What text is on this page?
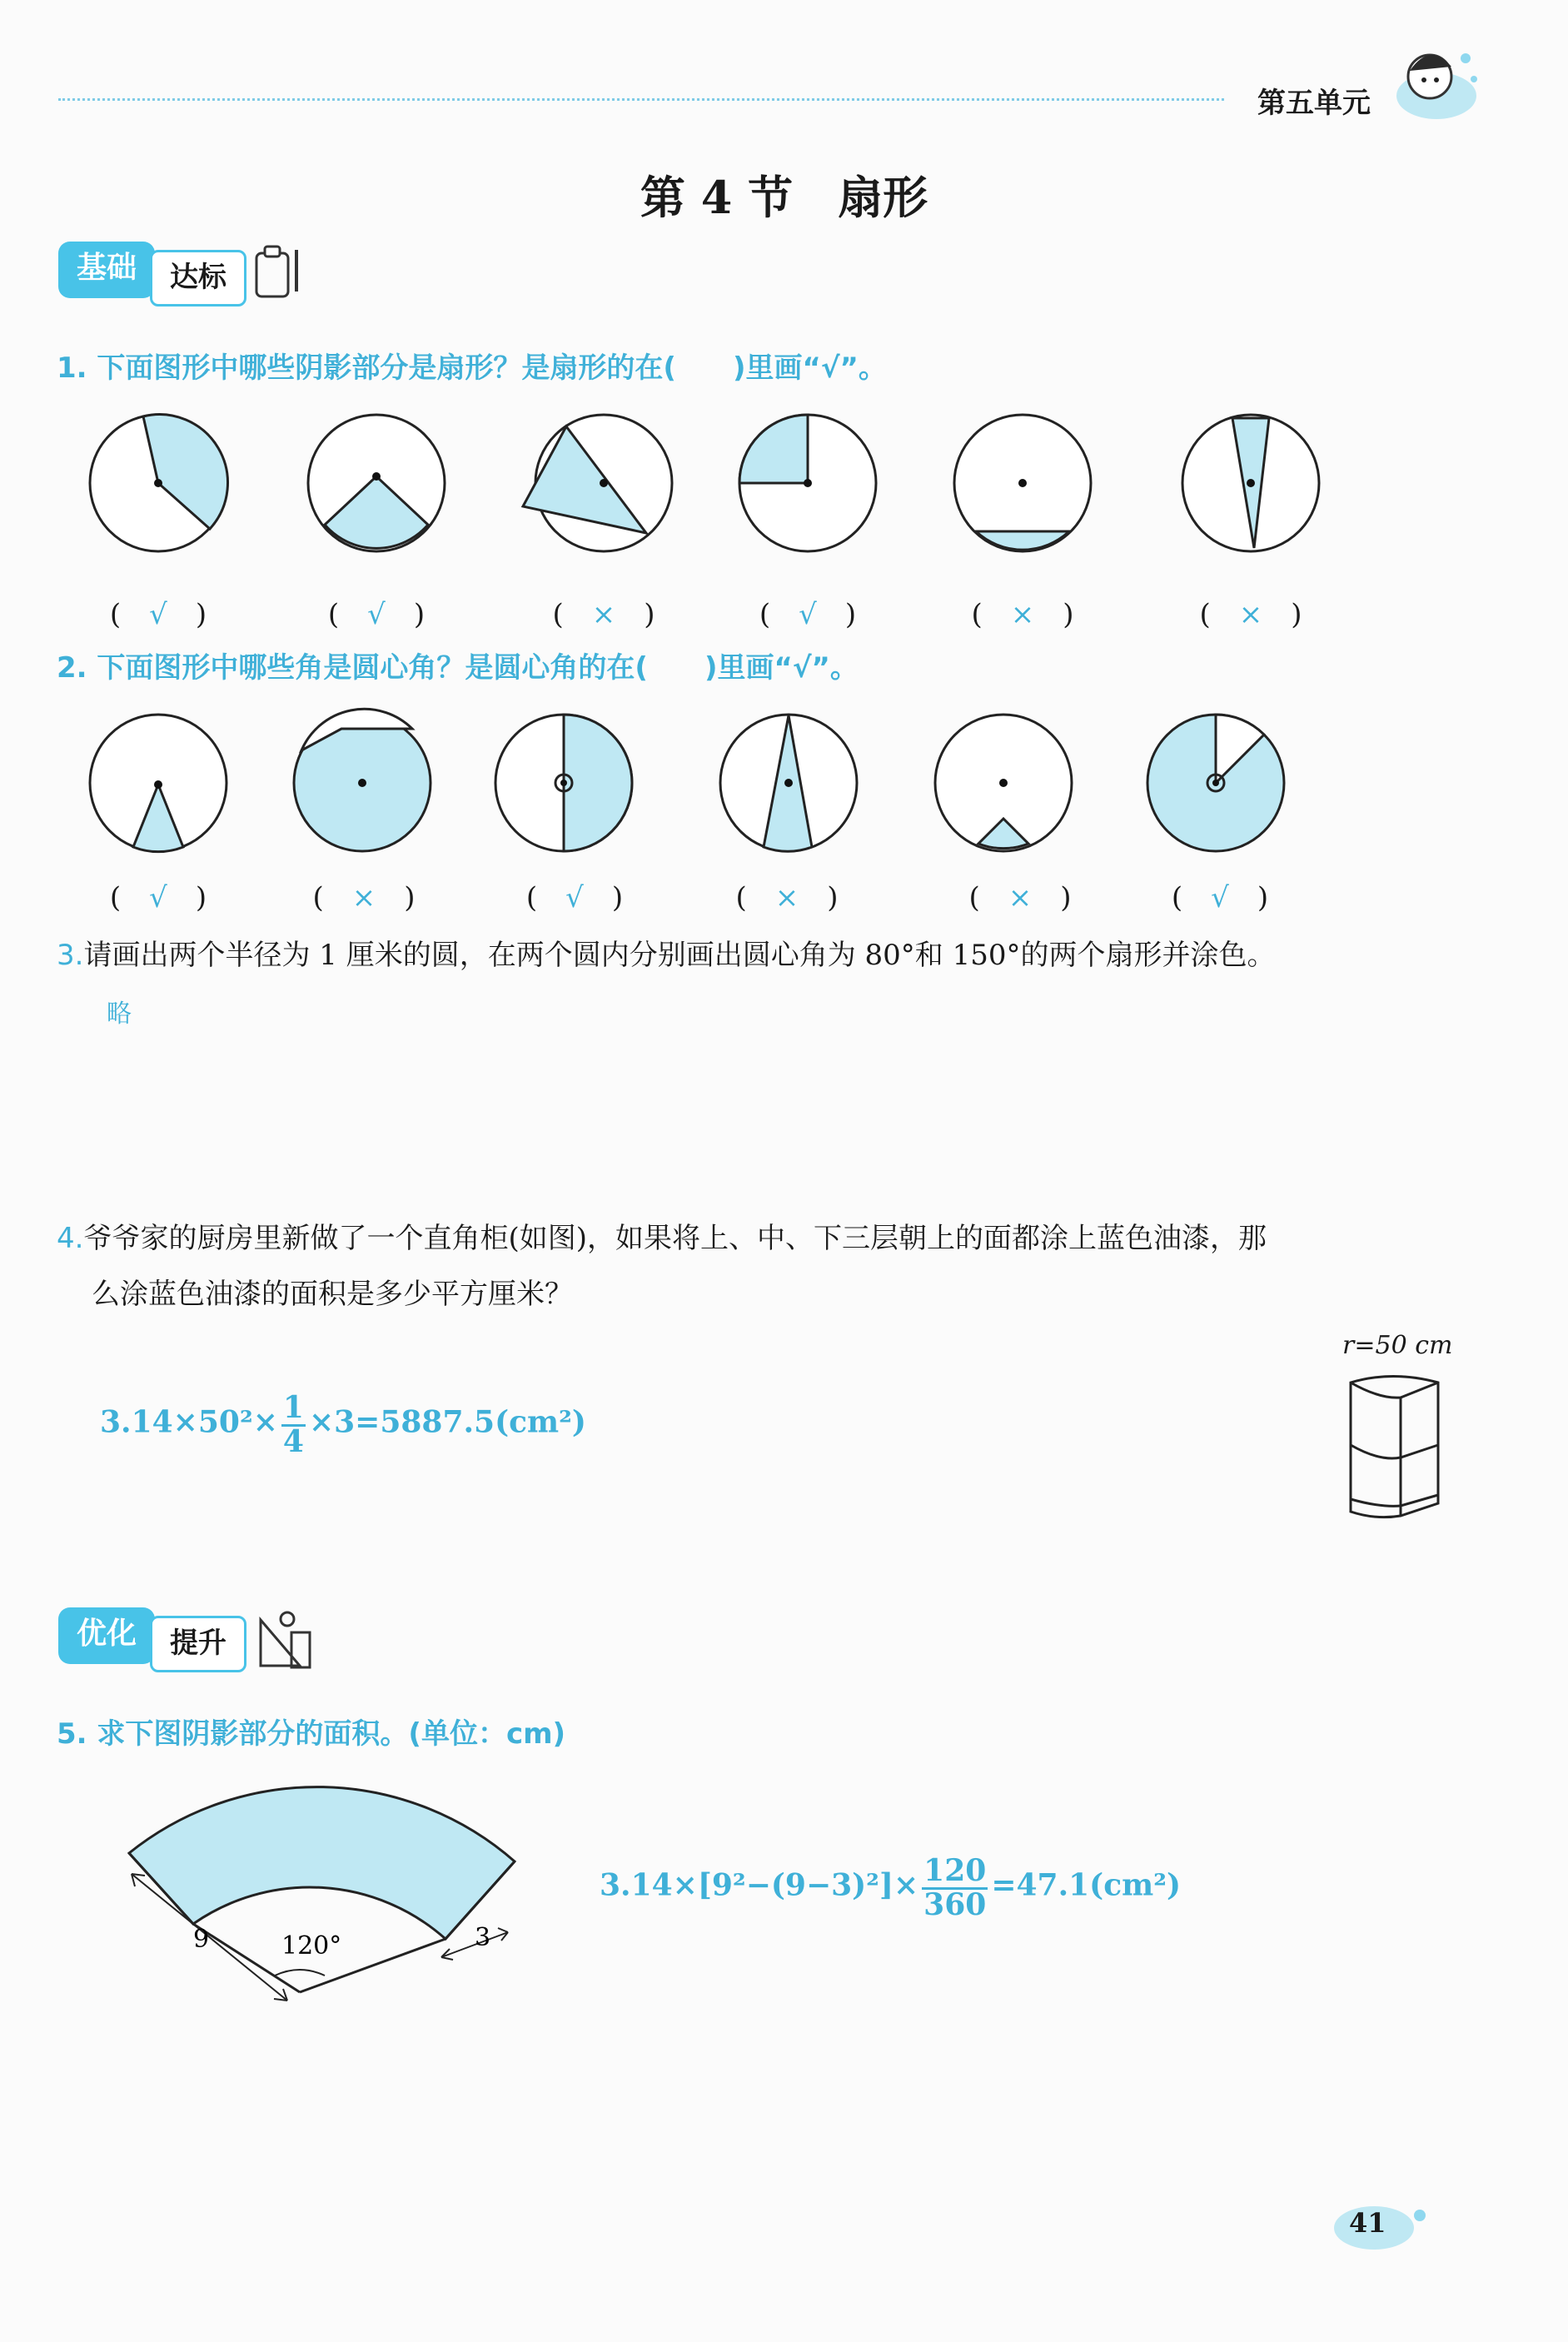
第五单元
第 4 节　扇形
基础	达标
1. 下面图形中哪些阴影部分是扇形？是扇形的在(　　)里画“√”。
(　√　)	(　√　)	(　×　)	(　√　)	(　×　)	(　×　)
2. 下面图形中哪些角是圆心角？是圆心角的在(　　)里画“√”。
(　√　)	(　×　)	(　√　)	(　×　)	(　×　)	(　√　)
3.请画出两个半径为 1 厘米的圆，在两个圆内分别画出圆心角为 80°和 150°的两个扇形并涂色。
略
4.爷爷家的厨房里新做了一个直角柜(如图)，如果将上、中、下三层朝上的面都涂上蓝色油漆，那
么涂蓝色油漆的面积是多少平方厘米？
r=50 cm
$3.14\times 50^2\times \frac{1}{4} \times 3=5887.5(cm^2)$
优化	提升
5. 求下图阴影部分的面积。(单位：cm)
9	3
120°
$3.14\times[9^2-(9-3)^2]\times \frac{120}{360} =47.1(cm^2)$
41
